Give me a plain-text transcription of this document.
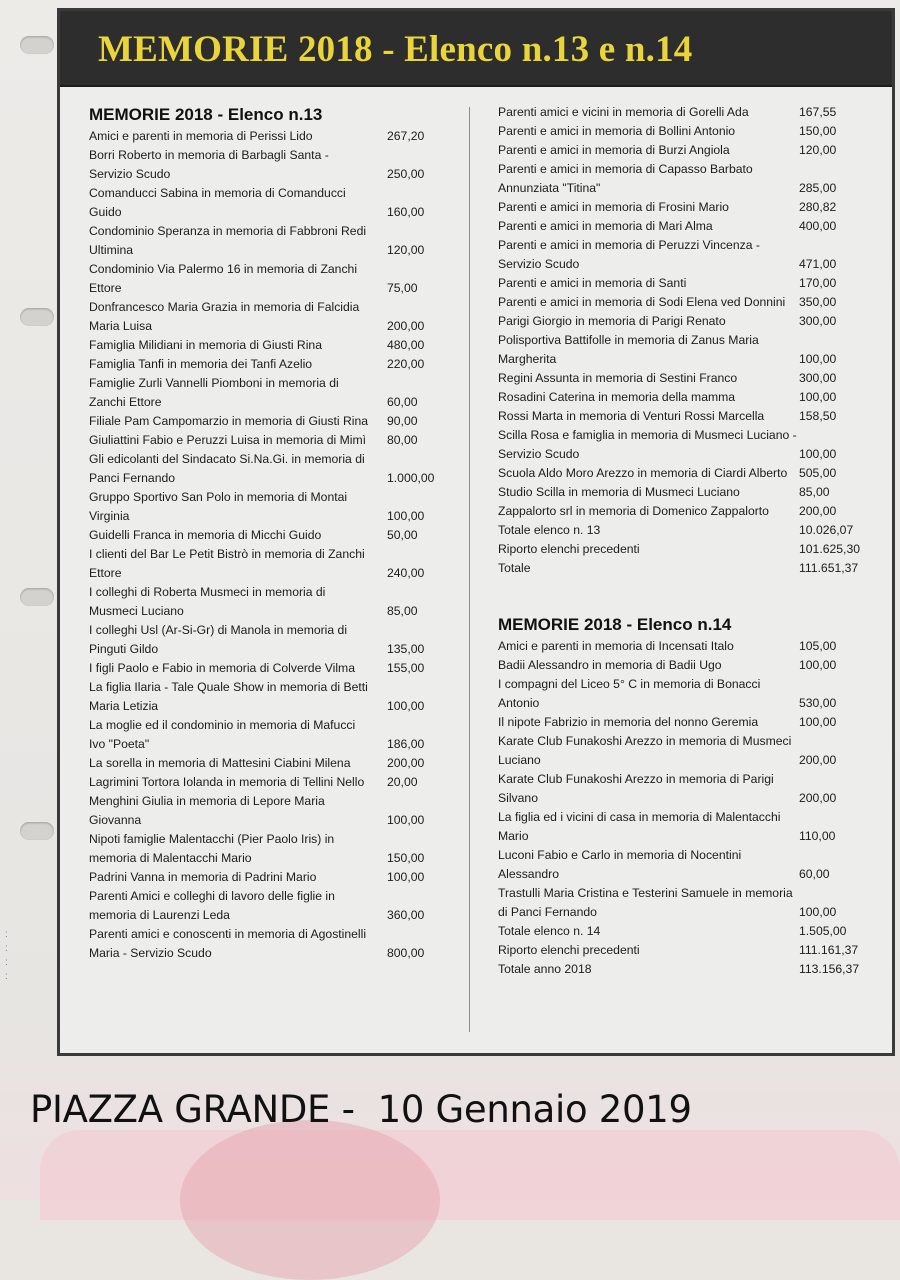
:
:
:
:
MEMORIE 2018 - Elenco n.13 e n.14
MEMORIE 2018 - Elenco n.13
Amici e parenti in memoria di Perissi Lido	267,20
Borri Roberto in memoria di Barbagli Santa - Servizio Scudo	250,00
Comanducci Sabina in memoria di Comanducci Guido	160,00
Condominio Speranza in memoria di Fabbroni Redi Ultimina	120,00
Condominio Via Palermo 16 in memoria di Zanchi Ettore	75,00
Donfrancesco Maria Grazia in memoria di Falcidia Maria Luisa	200,00
Famiglia Milidiani in memoria di Giusti Rina	480,00
Famiglia Tanfi in memoria dei Tanfi Azelio	220,00
Famiglie Zurli Vannelli Piomboni in memoria di Zanchi Ettore	60,00
Filiale Pam Campomarzio in memoria di Giusti Rina 90,00
Giuliattini Fabio e Peruzzi Luisa in memoria di Mimì	80,00
Gli edicolanti del Sindacato Si.Na.Gi. in memoria di Panci Fernando	1.000,00
Gruppo Sportivo San Polo in memoria di Montai Virginia	100,00
Guidelli Franca in memoria di Micchi Guido	50,00
I clienti del Bar Le Petit Bistrò in memoria di Zanchi Ettore	240,00
I colleghi di Roberta Musmeci in memoria di Musmeci Luciano	85,00
I colleghi Usl (Ar-Si-Gr) di Manola in memoria di Pinguti Gildo	135,00
I figli Paolo e Fabio in memoria di Colverde Vilma	155,00
La figlia Ilaria - Tale Quale Show in memoria di Betti Maria Letizia	100,00
La moglie ed il condominio in memoria di Mafucci Ivo "Poeta"	186,00
La sorella in memoria di Mattesini Ciabini Milena	200,00
Lagrimini Tortora Iolanda in memoria di Tellini Nello	20,00
Menghini Giulia in memoria di Lepore Maria Giovanna	100,00
Nipoti famiglie Malentacchi (Pier Paolo Iris) in memoria di Malentacchi Mario	150,00
Padrini Vanna in memoria di Padrini Mario	100,00
Parenti Amici e colleghi di lavoro delle figlie in memoria di Laurenzi Leda	360,00
Parenti amici e conoscenti in memoria di Agostinelli Maria - Servizio Scudo	800,00
Parenti amici e vicini in memoria di Gorelli Ada	167,55
Parenti e amici in memoria di Bollini Antonio	150,00
Parenti e amici in memoria di Burzi Angiola	120,00
Parenti e amici in memoria di Capasso Barbato Annunziata "Titina"	285,00
Parenti e amici in memoria di Frosini Mario	280,82
Parenti e amici in memoria di Mari Alma	400,00
Parenti e amici in memoria di Peruzzi Vincenza - Servizio Scudo	471,00
Parenti e amici in memoria di Santi	170,00
Parenti e amici in memoria di Sodi Elena ved Donnini	350,00
Parigi Giorgio in memoria di Parigi Renato	300,00
Polisportiva Battifolle in memoria di Zanus Maria Margherita	100,00
Regini Assunta in memoria di Sestini Franco	300,00
Rosadini Caterina in memoria della mamma	100,00
Rossi Marta in memoria di Venturi Rossi Marcella	158,50
Scilla Rosa e famiglia in memoria di Musmeci Luciano - Servizio Scudo	100,00
Scuola Aldo Moro Arezzo in memoria di Ciardi Alberto 505,00
Studio Scilla in memoria di Musmeci Luciano	85,00
Zappalorto srl in memoria di Domenico Zappalorto	200,00
Totale elenco n. 13	10.026,07
Riporto elenchi precedenti	101.625,30
Totale	111.651,37
MEMORIE 2018 - Elenco n.14
Amici e parenti in memoria di Incensati Italo	105,00
Badii Alessandro in memoria di Badii Ugo	100,00
I compagni del Liceo 5° C in memoria di Bonacci Antonio	530,00
Il nipote Fabrizio in memoria del nonno Geremia	100,00
Karate Club Funakoshi Arezzo in memoria di Musmeci Luciano	200,00
Karate Club Funakoshi Arezzo in memoria di Parigi Silvano	200,00
La figlia ed i vicini di casa in memoria di Malentacchi Mario	110,00
Luconi Fabio e Carlo in memoria di Nocentini Alessandro	60,00
Trastulli Maria Cristina e Testerini Samuele in memoria di Panci Fernando	100,00
Totale elenco n. 14	1.505,00
Riporto elenchi precedenti	111.161,37
Totale anno 2018	113.156,37
PIAZZA GRANDE -  10 Gennaio 2019
